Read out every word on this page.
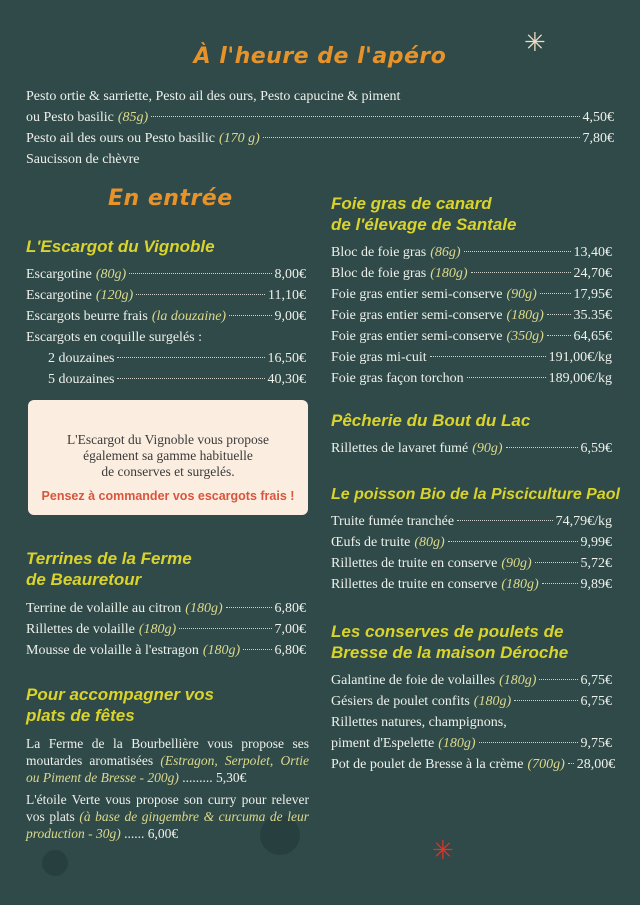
✳
✳
À l'heure de l'apéro
Pesto ortie & sarriette, Pesto ail des ours, Pesto capucine & piment
ou Pesto basilic (85g)	4,50€
Pesto ail des ours ou Pesto basilic (170 g)	7,80€
Saucisson de chèvre
En entrée
L'Escargot du Vignoble
Escargotine (80g)	8,00€
Escargotine (120g)	11,10€
Escargots beurre frais (la douzaine)	9,00€
Escargots en coquille surgelés :
2 douzaines	16,50€
5 douzaines	40,30€
L'Escargot du Vignoble vous propose
également sa gamme habituelle
de conserves et surgelés.
Pensez à commander vos escargots frais !
Terrines de la Ferme
de Beauretour
Terrine de volaille au citron (180g)	6,80€
Rillettes de volaille (180g)	7,00€
Mousse de volaille à l'estragon (180g) 6,80€
Pour accompagner vos
plats de fêtes
La Ferme de la Bourbellière vous propose ses moutardes aromatisées (Estragon, Serpolet, Ortie ou Piment de Bresse - 200g) ......... 5,30€
L'étoile Verte vous propose son curry pour relever vos plats (à base de gingembre & curcuma de leur production - 30g) ...... 6,00€
Foie gras de canard
de l'élevage de Santale
Bloc de foie gras (86g)	13,40€
Bloc de foie gras (180g)	24,70€
Foie gras entier semi-conserve (90g)	17,95€
Foie gras entier semi-conserve (180g) 35.35€
Foie gras entier semi-conserve (350g) 64,65€
Foie gras mi-cuit	191,00€/kg
Foie gras façon torchon	189,00€/kg
Pêcherie du Bout du Lac
Rillettes de lavaret fumé (90g)	6,59€
Le poisson Bio de la Pisciculture Paol
Truite fumée tranchée	74,79€/kg
Œufs de truite (80g)	9,99€
Rillettes de truite en conserve (90g)	5,72€
Rillettes de truite en conserve (180g)	9,89€
Les conserves de poulets de
Bresse de la maison Déroche
Galantine de foie de volailles (180g)	6,75€
Gésiers de poulet confits (180g)	6,75€
Rillettes natures, champignons,
piment d'Espelette (180g)	9,75€
Pot de poulet de Bresse à la crème (700g) 28,00€
